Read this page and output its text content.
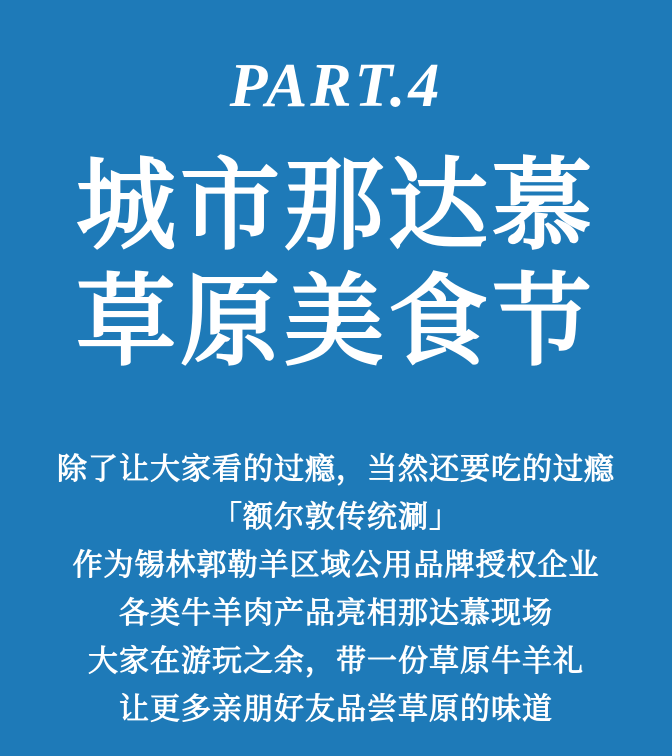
PART.4
城市那达慕
草原美食节

除了让大家看的过瘾，当然还要吃的过瘾

「额尔敦传统涮」

作为锡林郭勒羊区域公用品牌授权企业

各类牛羊肉产品亮相那达慕现场

大家在游玩之余，带一份草原牛羊礼

让更多亲朋好友品尝草原的味道
